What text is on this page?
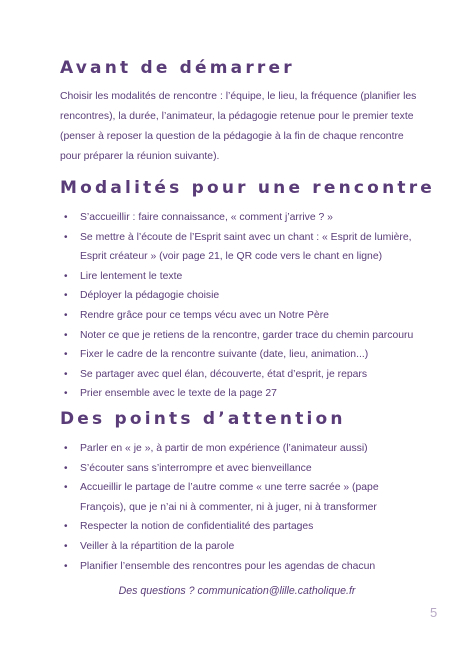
Avant de démarrer

Choisir les modalités de rencontre : l’équipe, le lieu, la fréquence (planifier les rencontres), la durée, l’animateur, la pédagogie retenue pour le premier texte (penser à reposer la question de la pédagogie à la fin de chaque rencontre pour préparer la réunion suivante).

Modalités pour une rencontre
• S’accueillir : faire connaissance, « comment j’arrive ? »
• Se mettre à l’écoute de l’Esprit saint avec un chant : « Esprit de lumière, Esprit créateur » (voir page 21, le QR code vers le chant en ligne)
• Lire lentement le texte
• Déployer la pédagogie choisie
• Rendre grâce pour ce temps vécu avec un Notre Père
• Noter ce que je retiens de la rencontre, garder trace du chemin parcouru
• Fixer le cadre de la rencontre suivante (date, lieu, animation...)
• Se partager avec quel élan, découverte, état d’esprit, je repars
• Prier ensemble avec le texte de la page 27
Des points d’attention
• Parler en « je », à partir de mon expérience (l’animateur aussi)
• S’écouter sans s’interrompre et avec bienveillance
• Accueillir le partage de l’autre comme « une terre sacrée » (pape François), que je n’ai ni à commenter, ni à juger, ni à transformer
• Respecter la notion de confidentialité des partages
• Veiller à la répartition de la parole
• Planifier l’ensemble des rencontres pour les agendas de chacun

Des questions ? communication@lille.catholique.fr

5
